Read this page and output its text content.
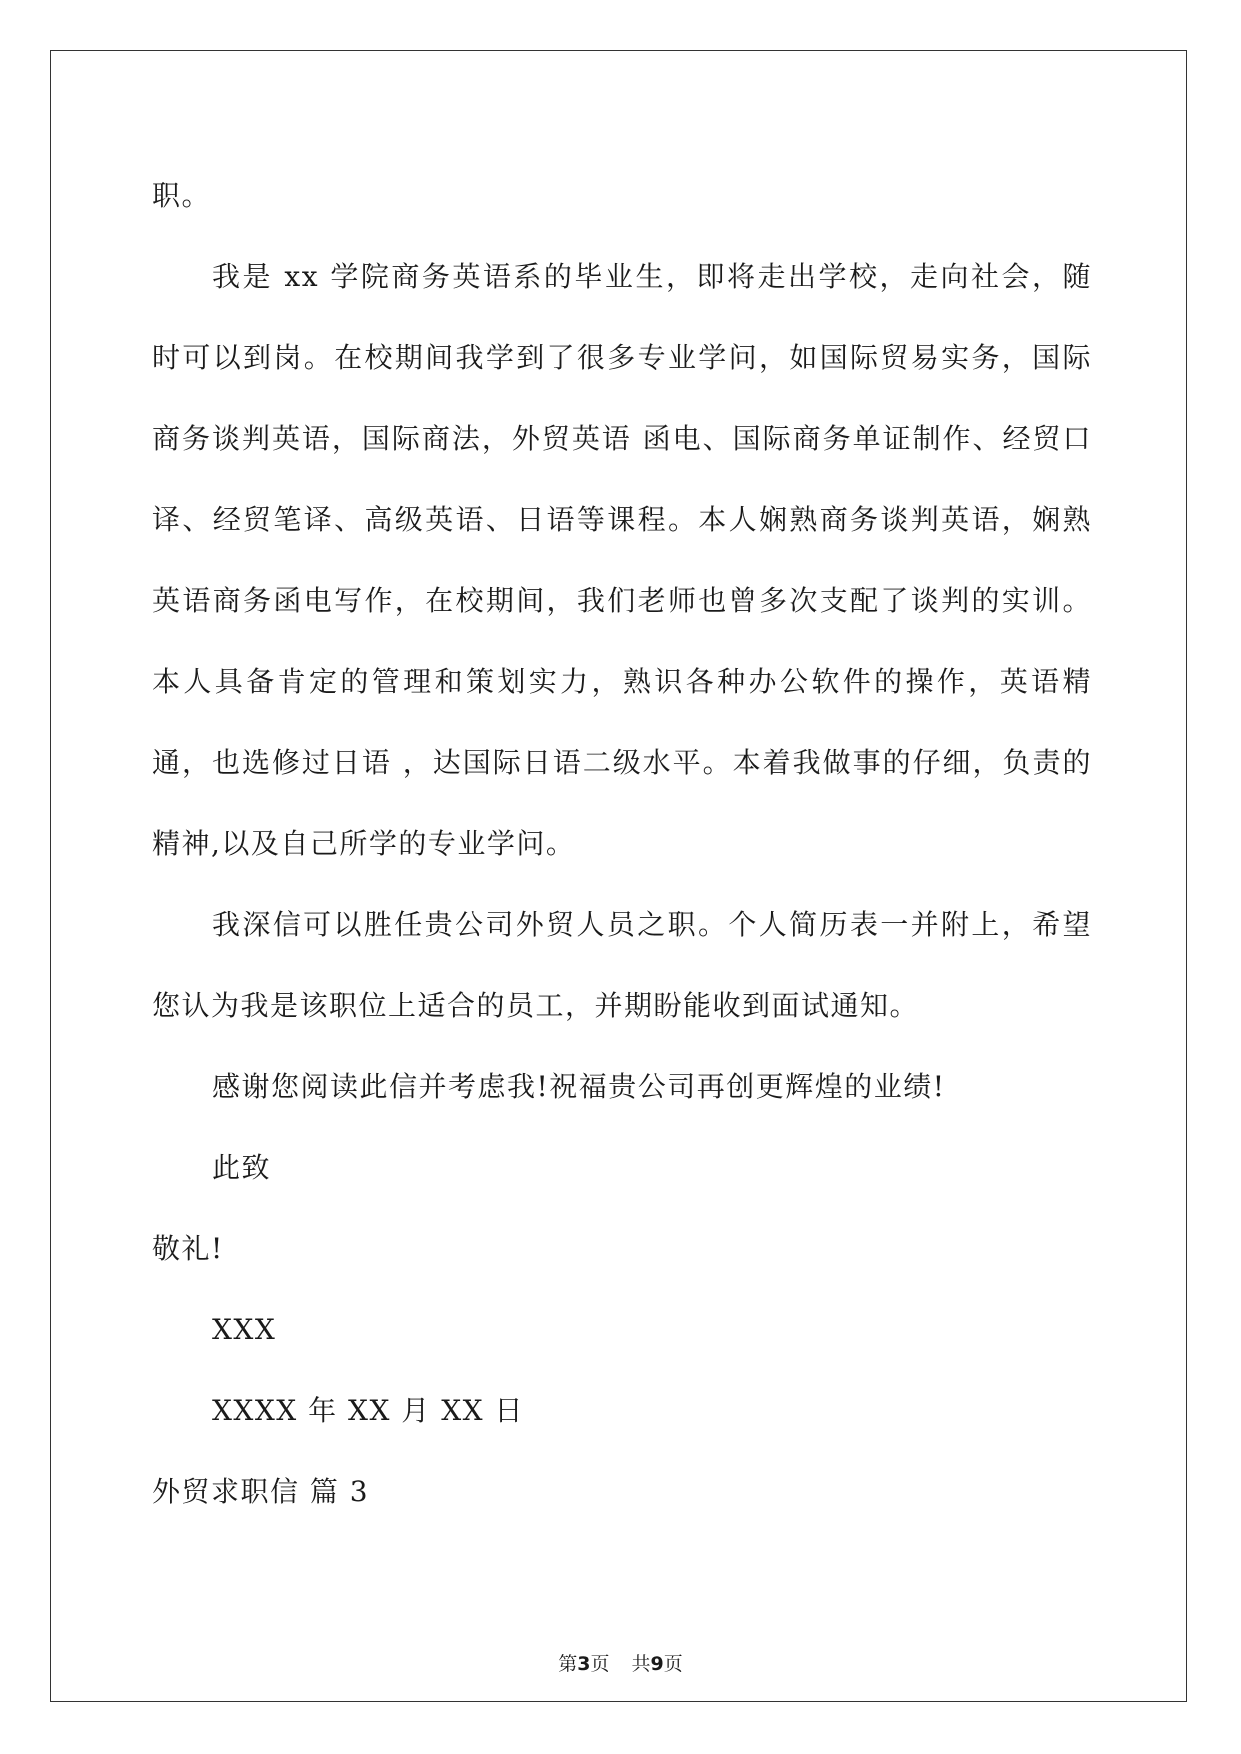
职。

我是 xx 学院商务英语系的毕业生，即将走出学校，走向社会，随时可以到岗。在校期间我学到了很多专业学问，如国际贸易实务，国际商务谈判英语，国际商法，外贸英语 函电、国际商务单证制作、经贸口译、经贸笔译、高级英语、日语等课程。本人娴熟商务谈判英语，娴熟英语商务函电写作，在校期间，我们老师也曾多次支配了谈判的实训。本人具备肯定的管理和策划实力，熟识各种办公软件的操作，英语精通，也选修过日语 ，达国际日语二级水平。本着我做事的仔细，负责的精神,以及自己所学的专业学问。

我深信可以胜任贵公司外贸人员之职。个人简历表一并附上，希望您认为我是该职位上适合的员工，并期盼能收到面试通知。

感谢您阅读此信并考虑我!祝福贵公司再创更辉煌的业绩!

此致

敬礼!

XXX

XXXX 年 XX 月 XX 日

外贸求职信 篇 3

第3页 共9页
